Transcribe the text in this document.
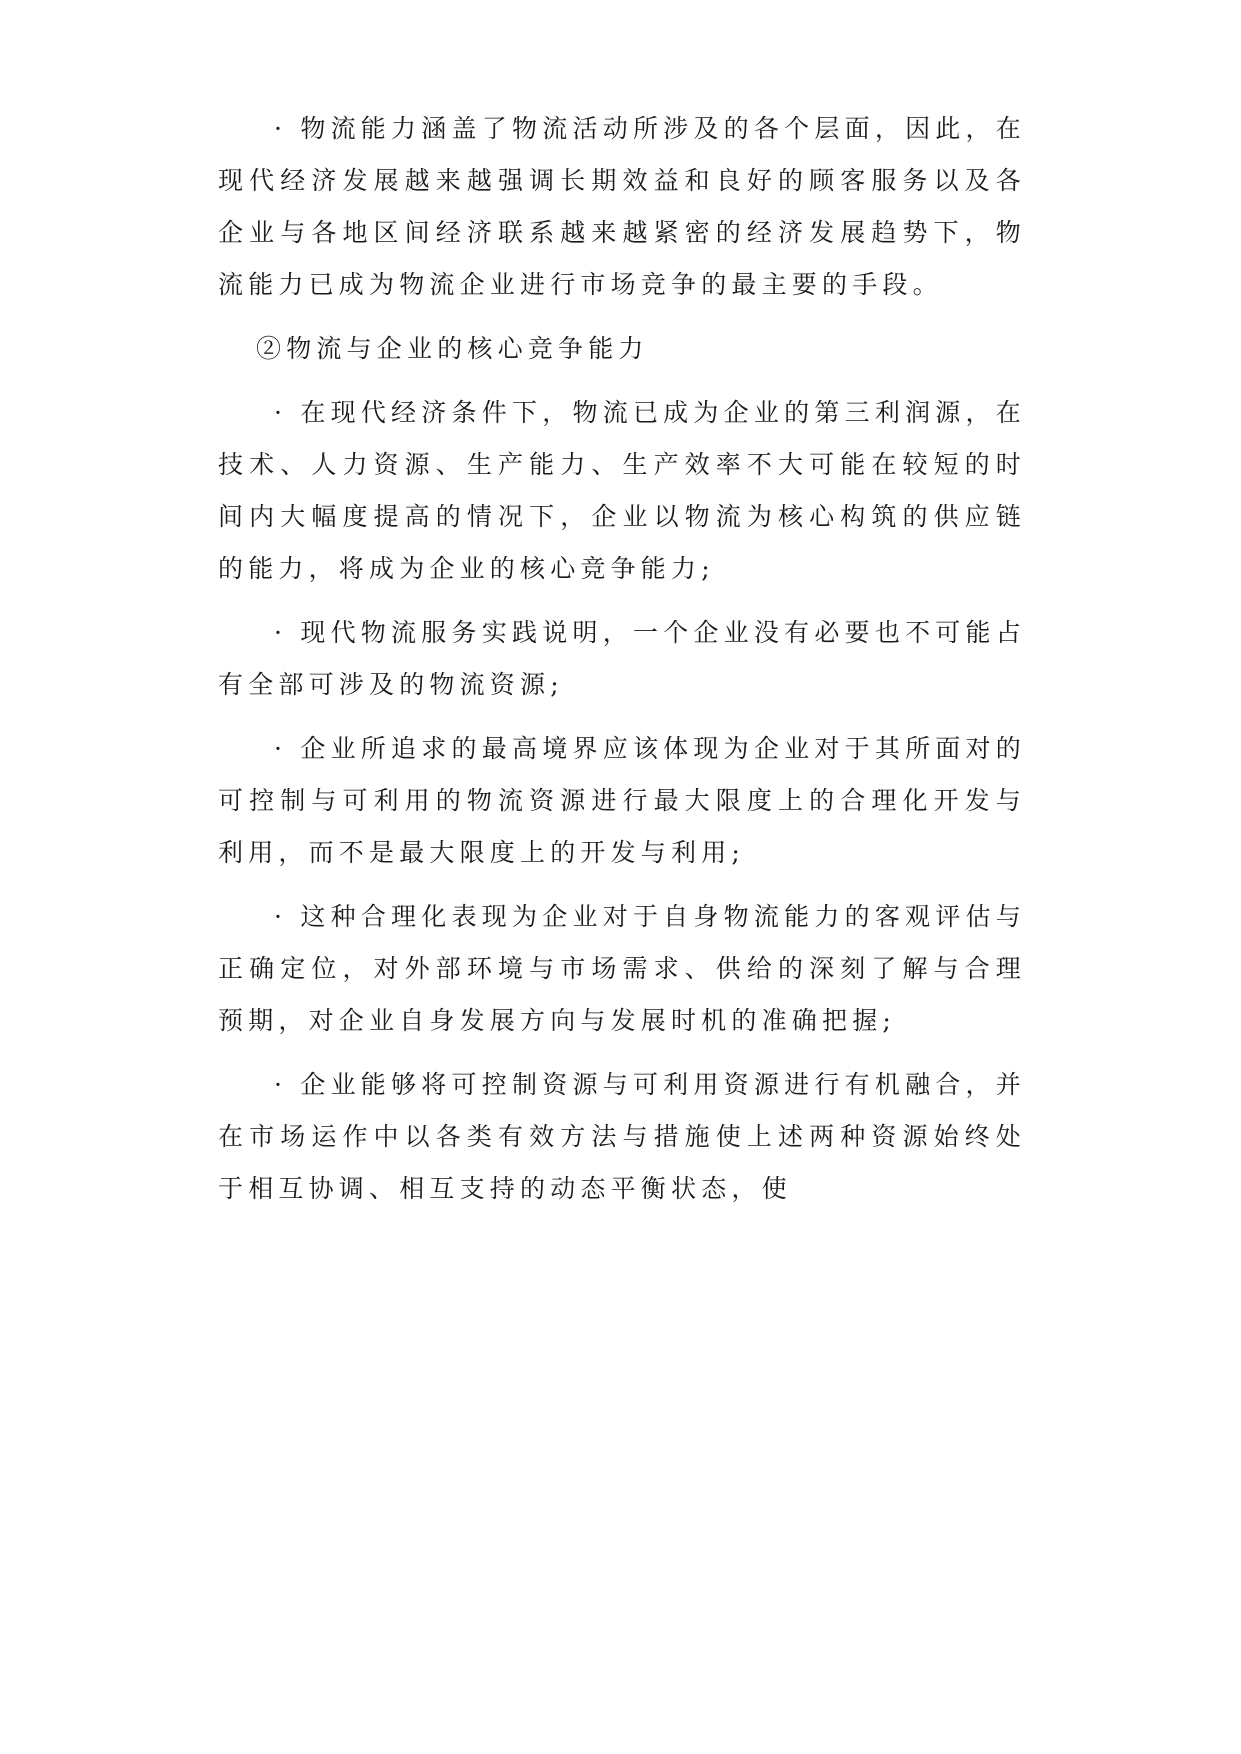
· 物流能力涵盖了物流活动所涉及的各个层面，因此，在现代经济发展越来越强调长期效益和良好的顾客服务以及各企业与各地区间经济联系越来越紧密的经济发展趋势下，物流能力已成为物流企业进行市场竞争的最主要的手段。

②物流与企业的核心竞争能力

· 在现代经济条件下，物流已成为企业的第三利润源，在技术、人力资源、生产能力、生产效率不大可能在较短的时间内大幅度提高的情况下，企业以物流为核心构筑的供应链的能力，将成为企业的核心竞争能力;

· 现代物流服务实践说明，一个企业没有必要也不可能占有全部可涉及的物流资源;

· 企业所追求的最高境界应该体现为企业对于其所面对的可控制与可利用的物流资源进行最大限度上的合理化开发与利用，而不是最大限度上的开发与利用;

· 这种合理化表现为企业对于自身物流能力的客观评估与正确定位，对外部环境与市场需求、供给的深刻了解与合理预期，对企业自身发展方向与发展时机的准确把握;

· 企业能够将可控制资源与可利用资源进行有机融合，并在市场运作中以各类有效方法与措施使上述两种资源始终处于相互协调、相互支持的动态平衡状态，使
